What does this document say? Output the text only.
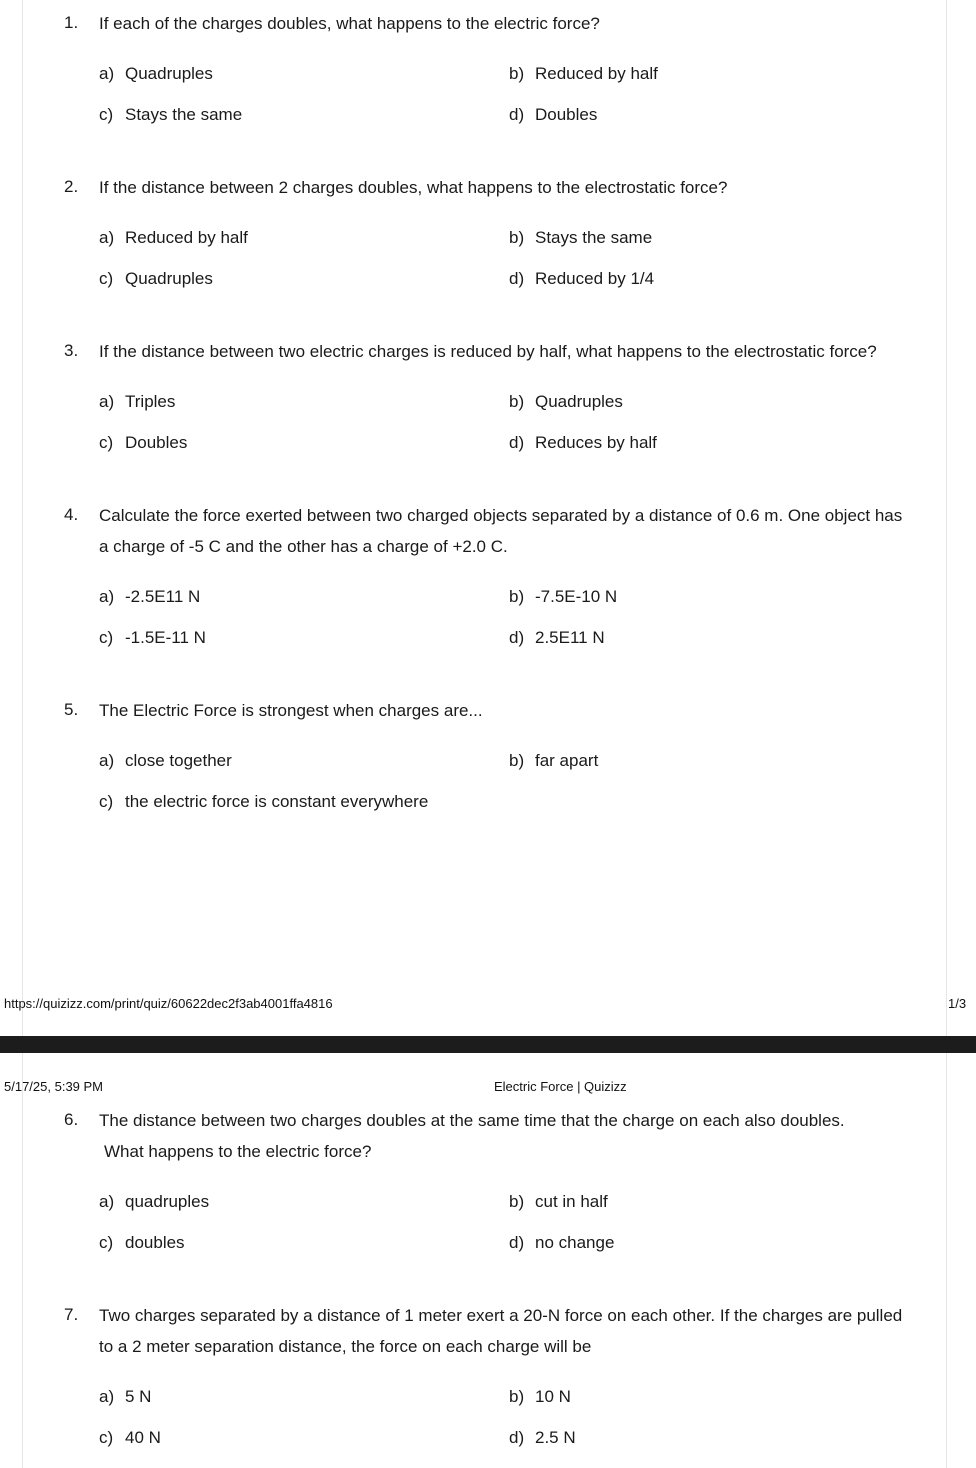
1. If each of the charges doubles, what happens to the electric force?
a) Quadruples	b) Reduced by half
c) Stays the same	d) Doubles
2. If the distance between 2 charges doubles, what happens to the electrostatic force?
a) Reduced by half	b) Stays the same
c) Quadruples	d) Reduced by 1/4
3. If the distance between two electric charges is reduced by half, what happens to the electrostatic force?
a) Triples	b) Quadruples
c) Doubles	d) Reduces by half
4. Calculate the force exerted between two charged objects separated by a distance of 0.6 m. One object has a charge of -5 C and the other has a charge of +2.0 C.
a) -2.5E11 N	b) -7.5E-10 N
c) -1.5E-11 N	d) 2.5E11 N
5. The Electric Force is strongest when charges are...
a) close together	b) far apart
c) the electric force is constant everywhere
https://quizizz.com/print/quiz/60622dec2f3ab4001ffa4816	1/3
5/17/25, 5:39 PM	Electric Force | Quizizz
6. The distance between two charges doubles at the same time that the charge on each also doubles.
What happens to the electric force?
a) quadruples	b) cut in half
c) doubles	d) no change
7. Two charges separated by a distance of 1 meter exert a 20-N force on each other. If the charges are pulled to a 2 meter separation distance, the force on each charge will be
a) 5 N	b) 10 N
c) 40 N	d) 2.5 N
